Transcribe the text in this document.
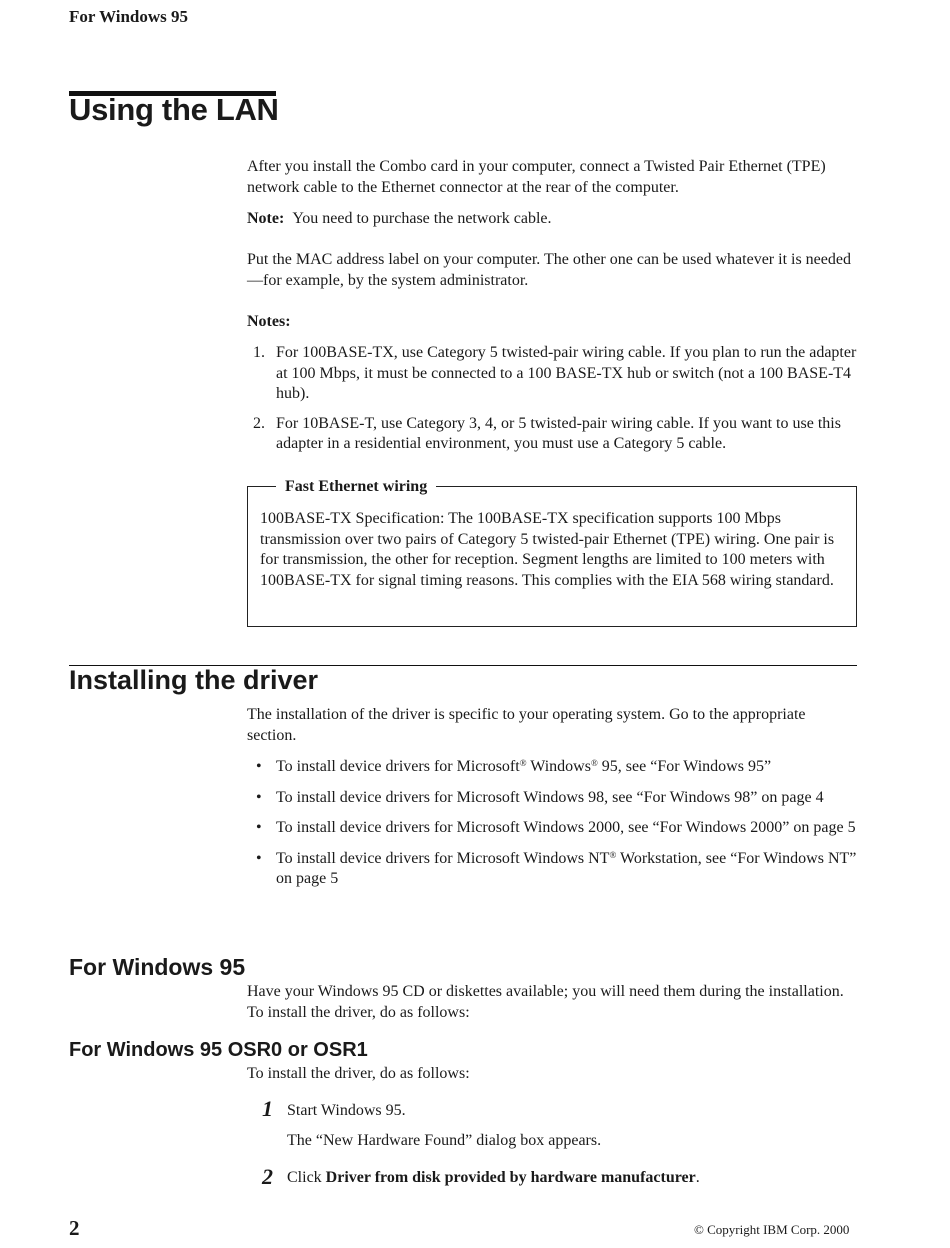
For Windows 95
Using the LAN
After you install the Combo card in your computer, connect a Twisted Pair Ethernet (TPE) network cable to the Ethernet connector at the rear of the computer.
Note: You need to purchase the network cable.
Put the MAC address label on your computer. The other one can be used whatever it is needed—for example, by the system administrator.
Notes:
1. For 100BASE-TX, use Category 5 twisted-pair wiring cable. If you plan to run the adapter at 100 Mbps, it must be connected to a 100 BASE-TX hub or switch (not a 100 BASE-T4 hub).
2. For 10BASE-T, use Category 3, 4, or 5 twisted-pair wiring cable. If you want to use this adapter in a residential environment, you must use a Category 5 cable.
Fast Ethernet wiring
100BASE-TX Specification: The 100BASE-TX specification supports 100 Mbps transmission over two pairs of Category 5 twisted-pair Ethernet (TPE) wiring. One pair is for transmission, the other for reception. Segment lengths are limited to 100 meters with 100BASE-TX for signal timing reasons. This complies with the EIA 568 wiring standard.
Installing the driver
The installation of the driver is specific to your operating system. Go to the appropriate section.
• To install device drivers for Microsoft® Windows® 95, see “For Windows 95”
• To install device drivers for Microsoft Windows 98, see “For Windows 98” on page 4
• To install device drivers for Microsoft Windows 2000, see “For Windows 2000” on page 5
• To install device drivers for Microsoft Windows NT® Workstation, see “For Windows NT” on page 5
For Windows 95
Have your Windows 95 CD or diskettes available; you will need them during the installation. To install the driver, do as follows:
For Windows 95 OSR0 or OSR1
To install the driver, do as follows:
1 Start Windows 95.
The “New Hardware Found” dialog box appears.
2 Click Driver from disk provided by hardware manufacturer.
2	© Copyright IBM Corp. 2000
